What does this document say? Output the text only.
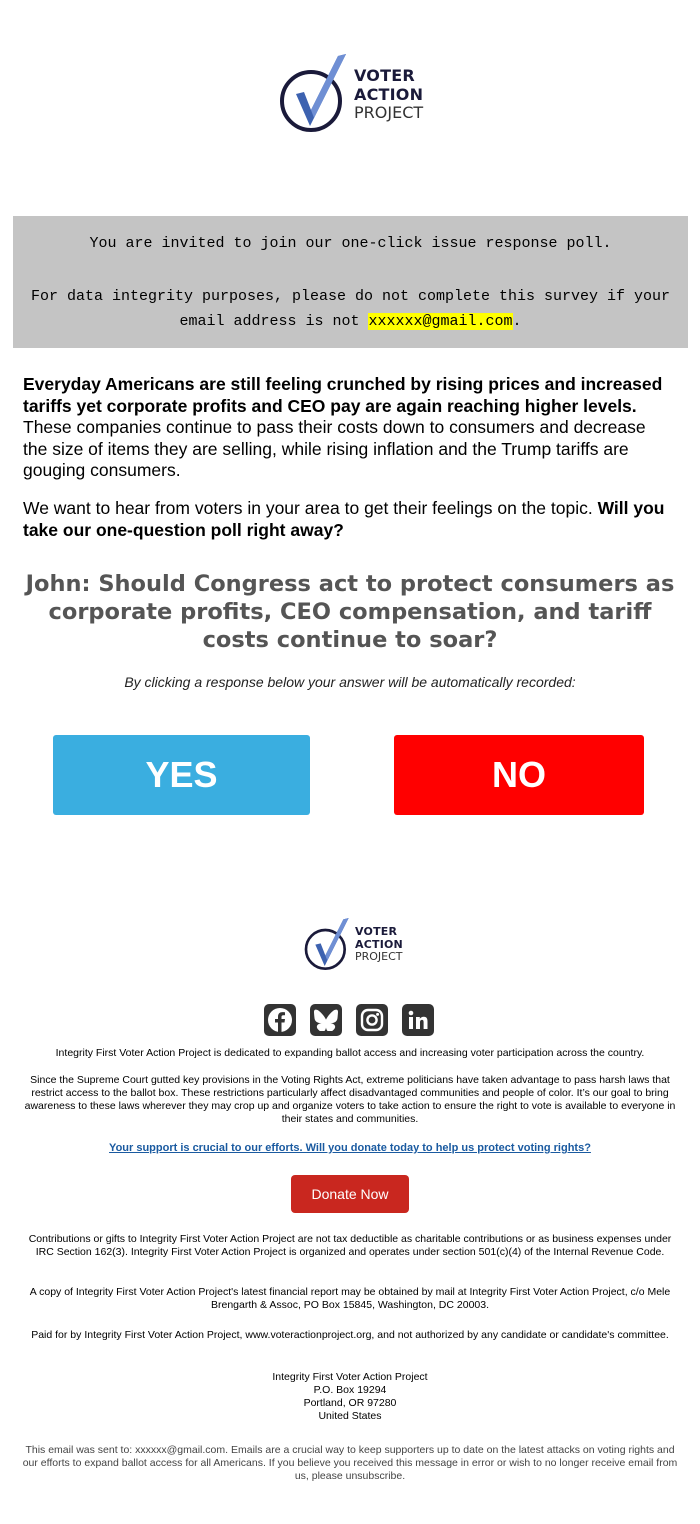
VOTER
ACTION
PROJECT
You are invited to join our one-click issue response poll.
For data integrity purposes, please do not complete this survey if your email address is not xxxxxx@gmail.com.
Everyday Americans are still feeling crunched by rising prices and increased tariffs yet corporate profits and CEO pay are again reaching higher levels. These companies continue to pass their costs down to consumers and decrease the size of items they are selling, while rising inflation and the Trump tariffs are gouging consumers.
We want to hear from voters in your area to get their feelings on the topic. Will you take our one-question poll right away?
John: Should Congress act to protect consumers as corporate profits, CEO compensation, and tariff costs continue to soar?
By clicking a response below your answer will be automatically recorded:
YES	NO
VOTER
ACTION
PROJECT
Integrity First Voter Action Project is dedicated to expanding ballot access and increasing voter participation across the country.
Since the Supreme Court gutted key provisions in the Voting Rights Act, extreme politicians have taken advantage to pass harsh laws that restrict access to the ballot box. These restrictions particularly affect disadvantaged communities and people of color. It’s our goal to bring awareness to these laws wherever they may crop up and organize voters to take action to ensure the right to vote is available to everyone in their states and communities.
Your support is crucial to our efforts. Will you donate today to help us protect voting rights?
Donate Now
Contributions or gifts to Integrity First Voter Action Project are not tax deductible as charitable contributions or as business expenses under IRC Section 162(3). Integrity First Voter Action Project is organized and operates under section 501(c)(4) of the Internal Revenue Code.
A copy of Integrity First Voter Action Project's latest financial report may be obtained by mail at Integrity First Voter Action Project, c/o Mele Brengarth & Assoc, PO Box 15845, Washington, DC 20003.
Paid for by Integrity First Voter Action Project, www.voteractionproject.org, and not authorized by any candidate or candidate's committee.
Integrity First Voter Action Project
P.O. Box 19294
Portland, OR 97280
United States
This email was sent to: xxxxxx@gmail.com. Emails are a crucial way to keep supporters up to date on the latest attacks on voting rights and our efforts to expand ballot access for all Americans. If you believe you received this message in error or wish to no longer receive email from us, please unsubscribe.
